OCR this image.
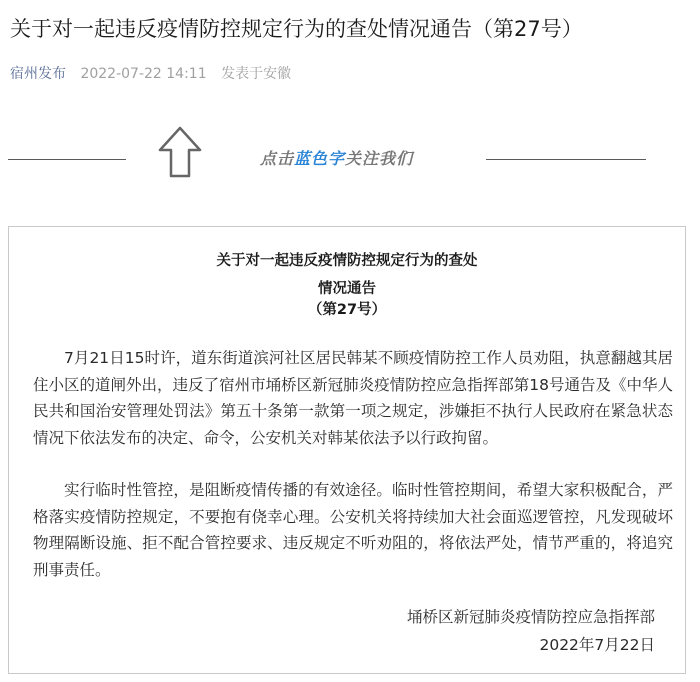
关于对一起违反疫情防控规定行为的查处情况通告（第27号）
宿州发布 2022-07-22 14:11 发表于安徽
点击蓝色字关注我们
关于对一起违反疫情防控规定行为的查处
情况通告
（第27号）

7月21日15时许，道东街道滨河社区居民韩某不顾疫情防控工作人员劝阻，执意翻越其居住小区的道闸外出，违反了宿州市埇桥区新冠肺炎疫情防控应急指挥部第18号通告及《中华人民共和国治安管理处罚法》第五十条第一款第一项之规定，涉嫌拒不执行人民政府在紧急状态情况下依法发布的决定、命令，公安机关对韩某依法予以行政拘留。

实行临时性管控，是阻断疫情传播的有效途径。临时性管控期间，希望大家积极配合，严格落实疫情防控规定，不要抱有侥幸心理。公安机关将持续加大社会面巡逻管控，凡发现破坏物理隔断设施、拒不配合管控要求、违反规定不听劝阻的，将依法严处，情节严重的，将追究刑事责任。

埇桥区新冠肺炎疫情防控应急指挥部
2022年7月22日
